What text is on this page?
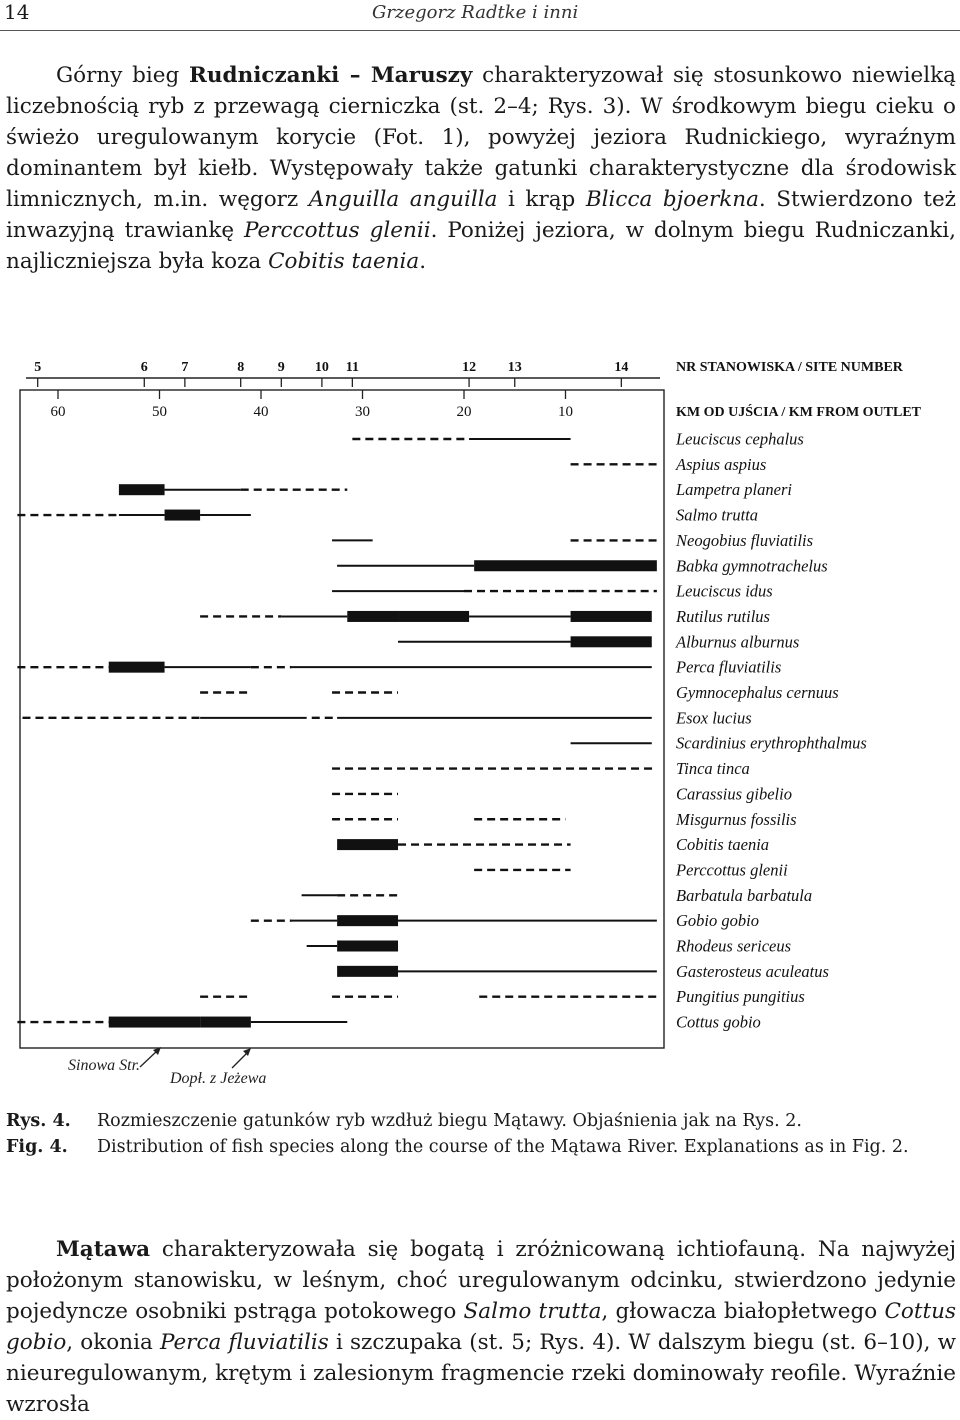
14	Grzegorz Radtke i inni

Górny bieg Rudniczanki – Maruszy charakteryzował się stosunkowo niewielką liczebnością ryb z przewagą cierniczka (st. 2–4; Rys. 3). W środkowym biegu cieku o świeżo uregulowanym korycie (Fot. 1), powyżej jeziora Rudnickiego, wyraźnym dominantem był kiełb. Występowały także gatunki charakterystyczne dla środowisk limnicznych, m.in. węgorz Anguilla anguilla i krąp Blicca bjoerkna. Stwierdzono też inwazyjną trawiankę Perccottus glenii. Poniżej jeziora, w dolnym biegu Rudniczanki, najliczniejsza była koza Cobitis taenia.

5	6 7	8 9 10 11	12 13	14
60	50	40	30	20	10
Leuciscus cephalus
Aspius aspius
Lampetra planeri
Salmo trutta
Neogobius fluviatilis
Babka gymnotrachelus
Leuciscus idus
Rutilus rutilus
Alburnus alburnus
Perca fluviatilis
Gymnocephalus cernuus
Esox lucius
Scardinius erythrophthalmus
Tinca tinca
Carassius gibelio
Misgurnus fossilis
Cobitis taenia
Perccottus glenii
Barbatula barbatula
Gobio gobio
Rhodeus sericeus
Gasterosteus aculeatus
Pungitius pungitius
Cottus gobio
NR STANOWISKA / SITE NUMBER
KM OD UJŚCIA / KM FROM OUTLET
Sinowa Str.
Dopł. z Jeżewa
Rys. 4.	Rozmieszczenie gatunków ryb wzdłuż biegu Mątawy. Objaśnienia jak na Rys. 2.
Fig. 4.	Distribution of fish species along the course of the Mątawa River. Explanations as in Fig. 2.

Mątawa charakteryzowała się bogatą i zróżnicowaną ichtiofauną. Na najwyżej położonym stanowisku, w leśnym, choć uregulowanym odcinku, stwierdzono jedynie pojedyncze osobniki pstrąga potokowego Salmo trutta, głowacza białopłetwego Cottus gobio, okonia Perca fluviatilis i szczupaka (st. 5; Rys. 4). W dalszym biegu (st. 6–10), w nieuregulowanym, krętym i zalesionym fragmencie rzeki dominowały reofile. Wyraźnie wzrosła
